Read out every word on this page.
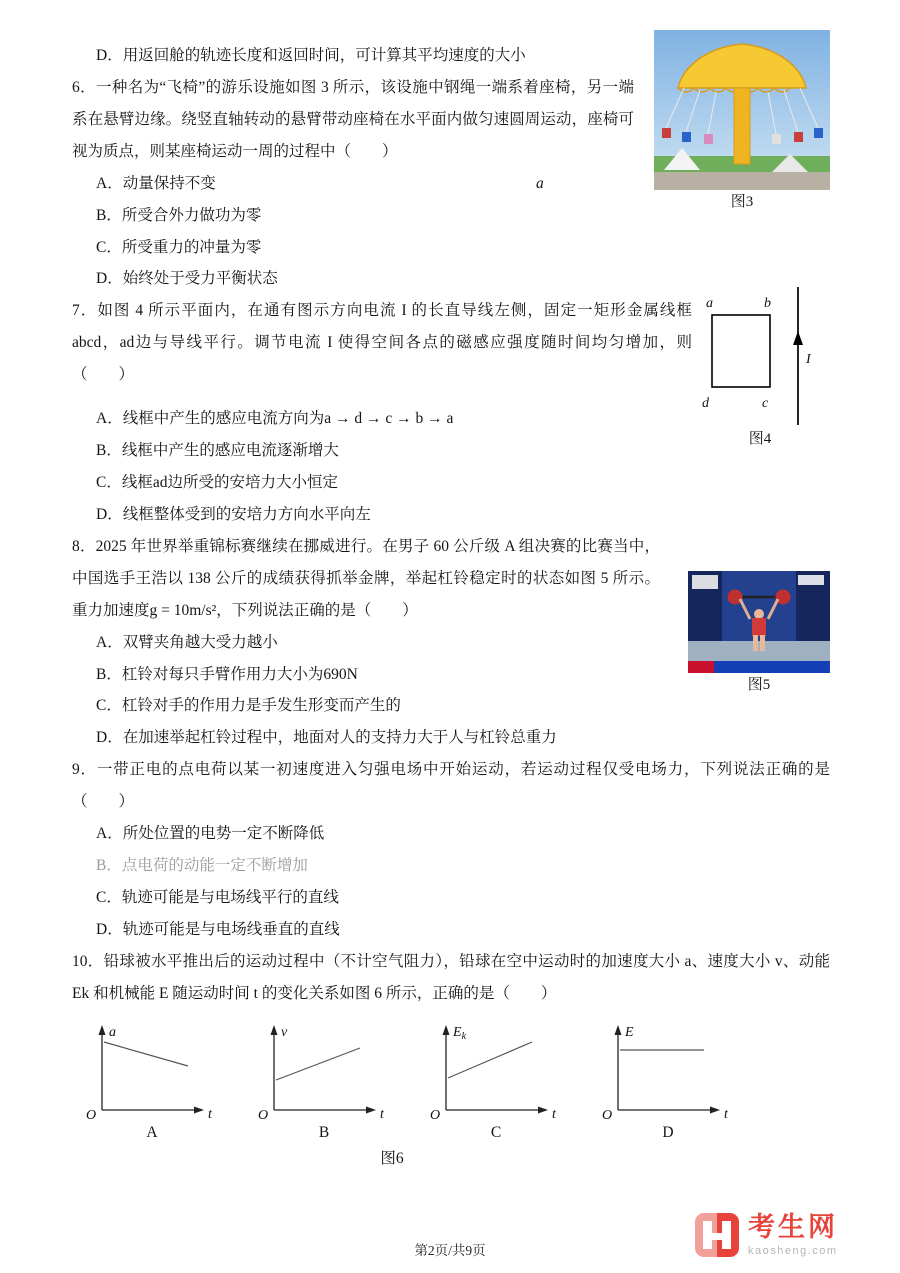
D．用返回舱的轨迹长度和返回时间，可计算其平均速度的大小

图3

6．一种名为“飞椅”的游乐设施如图 3 所示，该设施中钢绳一端系着座椅，另一端系在悬臂边缘。绕竖直轴转动的悬臂带动座椅在水平面内做匀速圆周运动，座椅可视为质点，则某座椅运动一周的过程中（　　）

A．动量保持不变	a

B．所受合外力做功为零

C．所受重力的冲量为零

D．始终处于受力平衡状态

a	b
d	c
I
图4

7．如图 4 所示平面内，在通有图示方向电流 I 的长直导线左侧，固定一矩形金属线框 abcd，ad边与导线平行。调节电流 I 使得空间各点的磁感应强度随时间均匀增加，则（　　）

A．线框中产生的感应电流方向为a → d → c → b → a

B．线框中产生的感应电流逐渐增大

C．线框ad边所受的安培力大小恒定

D．线框整体受到的安培力方向水平向左

图5

8．2025 年世界举重锦标赛继续在挪威进行。在男子 60 公斤级 A 组决赛的比赛当中，中国选手王浩以 138 公斤的成绩获得抓举金牌，举起杠铃稳定时的状态如图 5 所示。重力加速度g = 10m/s²，下列说法正确的是（　　）

A．双臂夹角越大受力越小

B．杠铃对每只手臂作用力大小为690N

C．杠铃对手的作用力是手发生形变而产生的

D．在加速举起杠铃过程中，地面对人的支持力大于人与杠铃总重力

9．一带正电的点电荷以某一初速度进入匀强电场中开始运动，若运动过程仅受电场力，下列说法正确的是（　　）

A．所处位置的电势一定不断降低

B．点电荷的动能一定不断增加

C．轨迹可能是与电场线平行的直线

D．轨迹可能是与电场线垂直的直线

10．铅球被水平推出后的运动过程中（不计空气阻力），铅球在空中运动时的加速度大小 a、速度大小 v、动能 Ek 和机械能 E 随运动时间 t 的变化关系如图 6 所示，正确的是（　　）

a
O	t
A
v
O	t
B
$E_k$
O	t
C
E
O	t
D

图6

第2页/共9页
考生网
kaosheng.com
